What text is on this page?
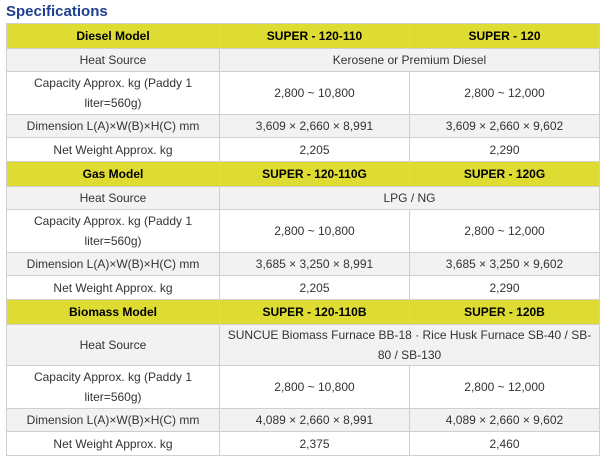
Specifications
Diesel Model	SUPER - 120-110	SUPER - 120
Heat Source	Kerosene or Premium Diesel	
Capacity Approx. kg (Paddy 1 liter=560g)	2,800 ~ 10,800	2,800 ~ 12,000
Dimension L(A)×W(B)×H(C) mm	3,609 × 2,660 × 8,991	3,609 × 2,660 × 9,602
Net Weight Approx. kg	2,205	2,290
Gas Model	SUPER - 120-110G	SUPER - 120G
Heat Source	LPG / NG	
Capacity Approx. kg (Paddy 1 liter=560g)	2,800 ~ 10,800	2,800 ~ 12,000
Dimension L(A)×W(B)×H(C) mm	3,685 × 3,250 × 8,991	3,685 × 3,250 × 9,602
Net Weight Approx. kg	2,205	2,290
Biomass Model	SUPER - 120-110B	SUPER - 120B
Heat Source	SUNCUE Biomass Furnace BB-18 · Rice Husk Furnace SB-40 / SB-80 / SB-130	
Capacity Approx. kg (Paddy 1 liter=560g)	2,800 ~ 10,800	2,800 ~ 12,000
Dimension L(A)×W(B)×H(C) mm	4,089 × 2,660 × 8,991	4,089 × 2,660 × 9,602
Net Weight Approx. kg	2,375	2,460
